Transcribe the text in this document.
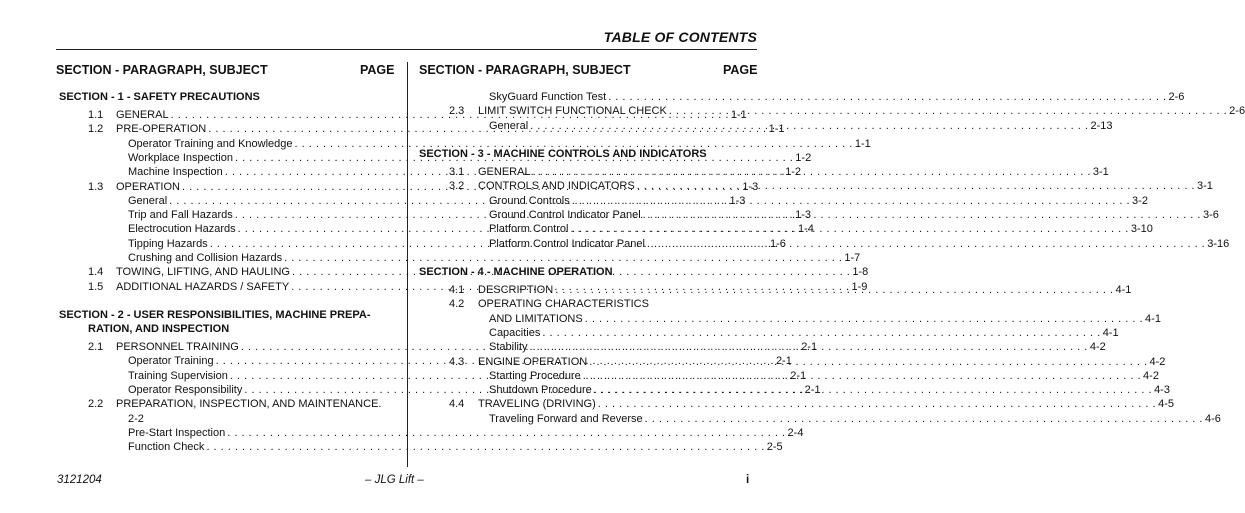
TABLE OF CONTENTS
SECTION - PARAGRAPH, SUBJECT	PAGE
SECTION - 1 - SAFETY PRECAUTIONS
1.1 GENERAL . . .	1-1
1.2 PRE-OPERATION . . .	1-1
Operator Training and Knowledge . . .	1-1
Workplace Inspection . . .	1-2
Machine Inspection . . .	1-2
1.3 OPERATION . . .	1-3
General . . .	1-3
Trip and Fall Hazards . . .	1-3
Electrocution Hazards . . .	1-4
Tipping Hazards . . .	1-6
Crushing and Collision Hazards . . .	1-7
1.4 TOWING, LIFTING, AND HAULING . . .	1-8
1.5 ADDITIONAL HAZARDS / SAFETY . . .	1-9
SECTION - 2 - USER RESPONSIBILITIES, MACHINE PREPA-
RATION, AND INSPECTION
2.1 PERSONNEL TRAINING . . .	2-1
Operator Training . . .	2-1
Training Supervision . . .	2-1
Operator Responsibility . . .	2-1
2.2 PREPARATION, INSPECTION, AND MAINTENANCE .
2-2
Pre-Start Inspection . . .	2-4
Function Check . . .	2-5
SECTION - PARAGRAPH, SUBJECT	PAGE
SkyGuard Function Test . . .	2-6
2.3 LIMIT SWITCH FUNCTIONAL CHECK . . .	2-6
General . . .	2-13
SECTION - 3 - MACHINE CONTROLS AND INDICATORS
3.1 GENERAL . . .	3-1
3.2 CONTROLS AND INDICATORS . . .	3-1
Ground Controls . . .	3-2
Ground Control Indicator Panel . . .	3-6
Platform Control . . .	3-10
Platform Control Indicator Panel . . .	3-16
SECTION - 4 - MACHINE OPERATION
4.1 DESCRIPTION . . .	4-1
4.2 OPERATING CHARACTERISTICS
AND LIMITATIONS . . .	4-1
Capacities . . .	4-1
Stability . . .	4-2
4.3 ENGINE OPERATION . . .	4-2
Starting Procedure . . .	4-2
Shutdown Procedure . . .	4-3
4.4 TRAVELING (DRIVING) . . .	4-5
Traveling Forward and Reverse . . .	4-6
3121204	– JLG Lift –	i
